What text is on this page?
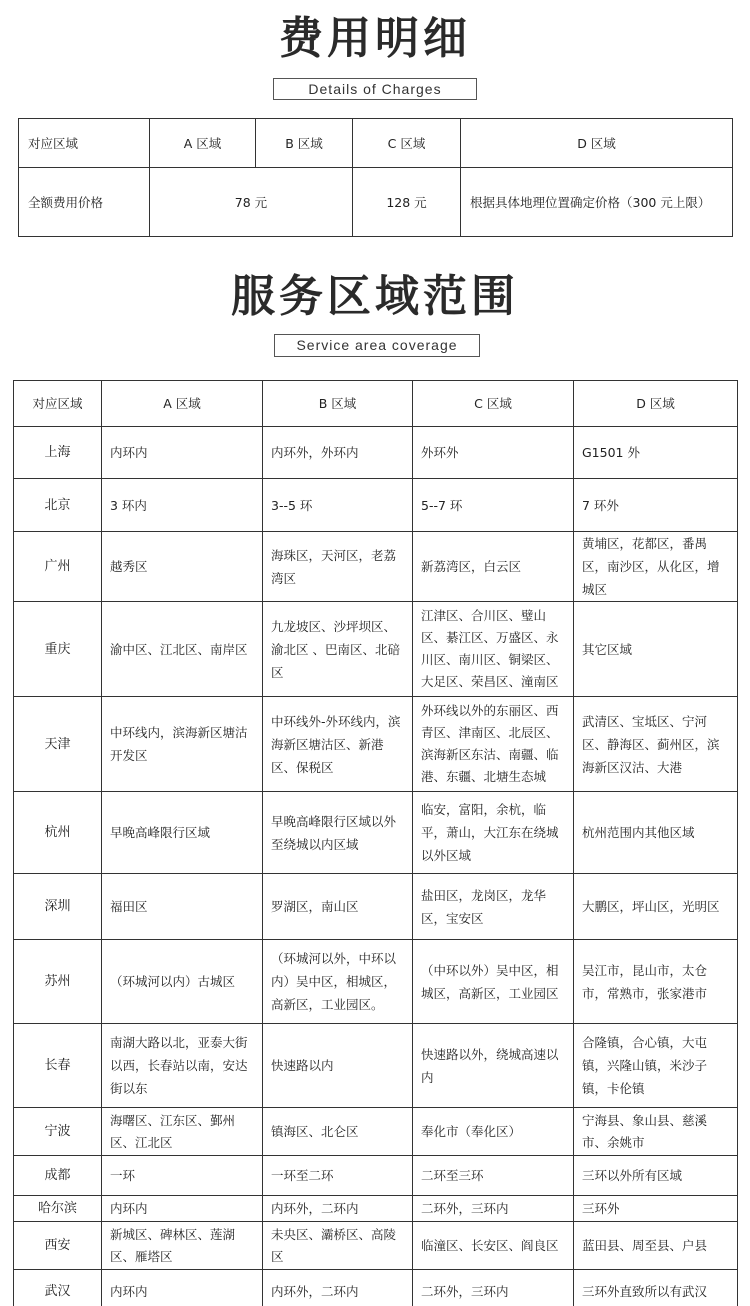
费用明细
Details of Charges
对应区域	A 区域	B 区域	C 区域	D 区域
全额费用价格	78 元		128 元	根据具体地理位置确定价格（300 元上限）
服务区域范围
Service area coverage
对应区域	A 区域	B 区域	C 区域	D 区域
上海	内环内	内环外，外环内	外环外	G1501 外
北京	3 环内	3--5 环	5--7 环	7 环外
广州	越秀区	海珠区，天河区，老荔湾区	新荔湾区，白云区	黄埔区，花都区，番禺区，南沙区，从化区，增城区
重庆	渝中区、江北区、南岸区	九龙坡区、沙坪坝区、渝北区 、巴南区、北碚区	江津区、合川区、璧山区、綦江区、万盛区、永川区、南川区、铜梁区、大足区、荣昌区、潼南区	其它区域
天津	中环线内，滨海新区塘沽开发区	中环线外-外环线内，滨海新区塘沽区、新港区、保税区	外环线以外的东丽区、西青区、津南区、北辰区、滨海新区东沽、南疆、临港、东疆、北塘生态城	武清区、宝坻区、宁河区、静海区、蓟州区，滨海新区汉沽、大港
杭州	早晚高峰限行区域	早晚高峰限行区域以外至绕城以内区域	临安，富阳，余杭，临平，萧山，大江东在绕城以外区域	杭州范围内其他区域
深圳	福田区	罗湖区，南山区	盐田区，龙岗区，龙华区，宝安区	大鹏区，坪山区，光明区
苏州	（环城河以内）古城区	（环城河以外，中环以内）吴中区，相城区，高新区，工业园区。	（中环以外）吴中区，相城区，高新区，工业园区	吴江市，昆山市，太仓市，常熟市，张家港市
长春	南湖大路以北，亚泰大街以西，长春站以南，安达街以东	快速路以内	快速路以外，绕城高速以内	合隆镇，合心镇，大屯镇，兴隆山镇，米沙子镇，卡伦镇
宁波	海曙区、江东区、鄞州区、江北区	镇海区、北仑区	奉化市（奉化区）	宁海县、象山县、慈溪市、余姚市
成都	一环	一环至二环	二环至三环	三环以外所有区域
哈尔滨	内环内	内环外，二环内	二环外，三环内	三环外
西安	新城区、碑林区、莲湖区、雁塔区	未央区、灞桥区、高陵区	临潼区、长安区、阎良区	蓝田县、周至县、户县
武汉	内环内	内环外，二环内	二环外，三环内	三环外直致所以有武汉
